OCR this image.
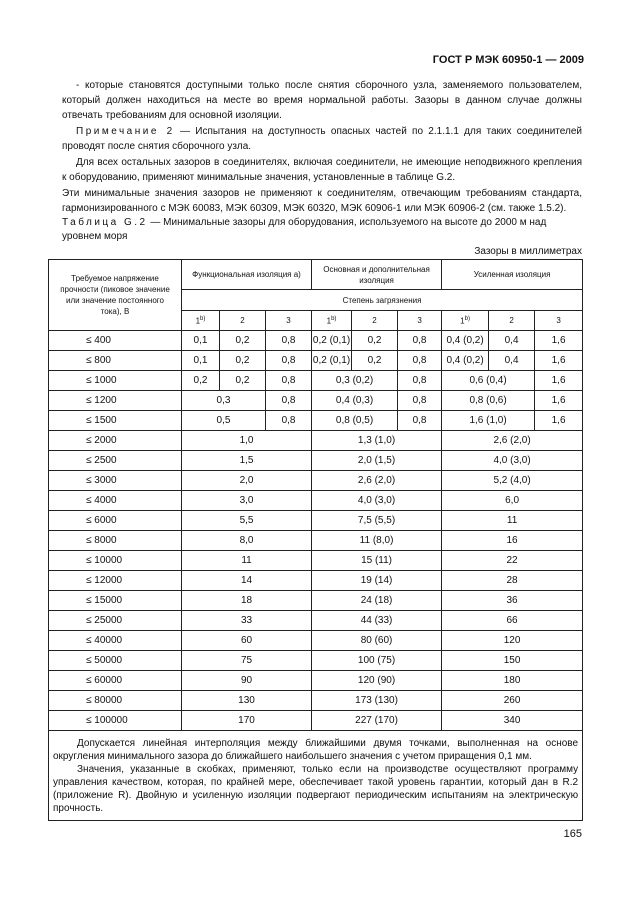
ГОСТ Р МЭК 60950-1 — 2009
- которые становятся доступными только после снятия сборочного узла, заменяемого пользователем, который должен находиться на месте во время нормальной работы. Зазоры в данном случае должны отвечать требованиям для основной изоляции.
Примечание 2 — Испытания на доступность опасных частей по 2.1.1.1 для таких соединителей проводят после снятия сборочного узла.
Для всех остальных зазоров в соединителях, включая соединители, не имеющие неподвижного крепления к оборудованию, применяют минимальные значения, установленные в таблице G.2.
Эти минимальные значения зазоров не применяют к соединителям, отвечающим требованиям стандарта, гармонизированного с МЭК 60083, МЭК 60309, МЭК 60320, МЭК 60906-1 или МЭК 60906-2 (см. также 1.5.2).
Таблица G.2 — Минимальные зазоры для оборудования, используемого на высоте до 2000 м над уровнем моря
Зазоры в миллиметрах
Требуемое напряжение прочности (пиковое значение или значение постоянного тока), В	Функциональная изоляция а)			Основная и дополнительная изоляция			Усиленная изоляция		
	Степень загрязнения								
	1$^{b)}$	2	3	1$^{b)}$	2	3	1$^{b)}$	2	3
≤ 400	0,1	0,2	0,8	0,2 (0,1)	0,2	0,8	0,4 (0,2)	0,4	1,6
≤ 800	0,1	0,2	0,8	0,2 (0,1)	0,2	0,8	0,4 (0,2)	0,4	1,6
≤ 1000	0,2	0,2	0,8	0,3 (0,2)		0,8	0,6 (0,4)		1,6
≤ 1200	0,3		0,8	0,4 (0,3)		0,8	0,8 (0,6)		1,6
≤ 1500	0,5		0,8	0,8 (0,5)		0,8	1,6 (1,0)		1,6
≤ 2000	1,0			1,3 (1,0)			2,6 (2,0)		
≤ 2500	1,5			2,0 (1,5)			4,0 (3,0)		
≤ 3000	2,0			2,6 (2,0)			5,2 (4,0)		
≤ 4000	3,0			4,0 (3,0)			6,0		
≤ 6000	5,5			7,5 (5,5)			11		
≤ 8000	8,0			11 (8,0)			16		
≤ 10000	11			15 (11)			22		
≤ 12000	14			19 (14)			28		
≤ 15000	18			24 (18)			36		
≤ 25000	33			44 (33)			66		
≤ 40000	60			80 (60)			120		
≤ 50000	75			100 (75)			150		
≤ 60000	90			120 (90)			180		
≤ 80000	130			173 (130)			260		
≤ 100000	170			227 (170)			340		

Допускается линейная интерполяция между ближайшими двумя точками, выполненная на основе округления минимального зазора до ближайшего наибольшего значения с учетом приращения 0,1 мм.

Значения, указанные в скобках, применяют, только если на производстве осуществляют программу управления качеством, которая, по крайней мере, обеспечивает такой уровень гарантии, который дан в R.2 (приложение R). Двойную и усиленную изоляции подвергают периодическим испытаниям на электрическую прочность.									

165
